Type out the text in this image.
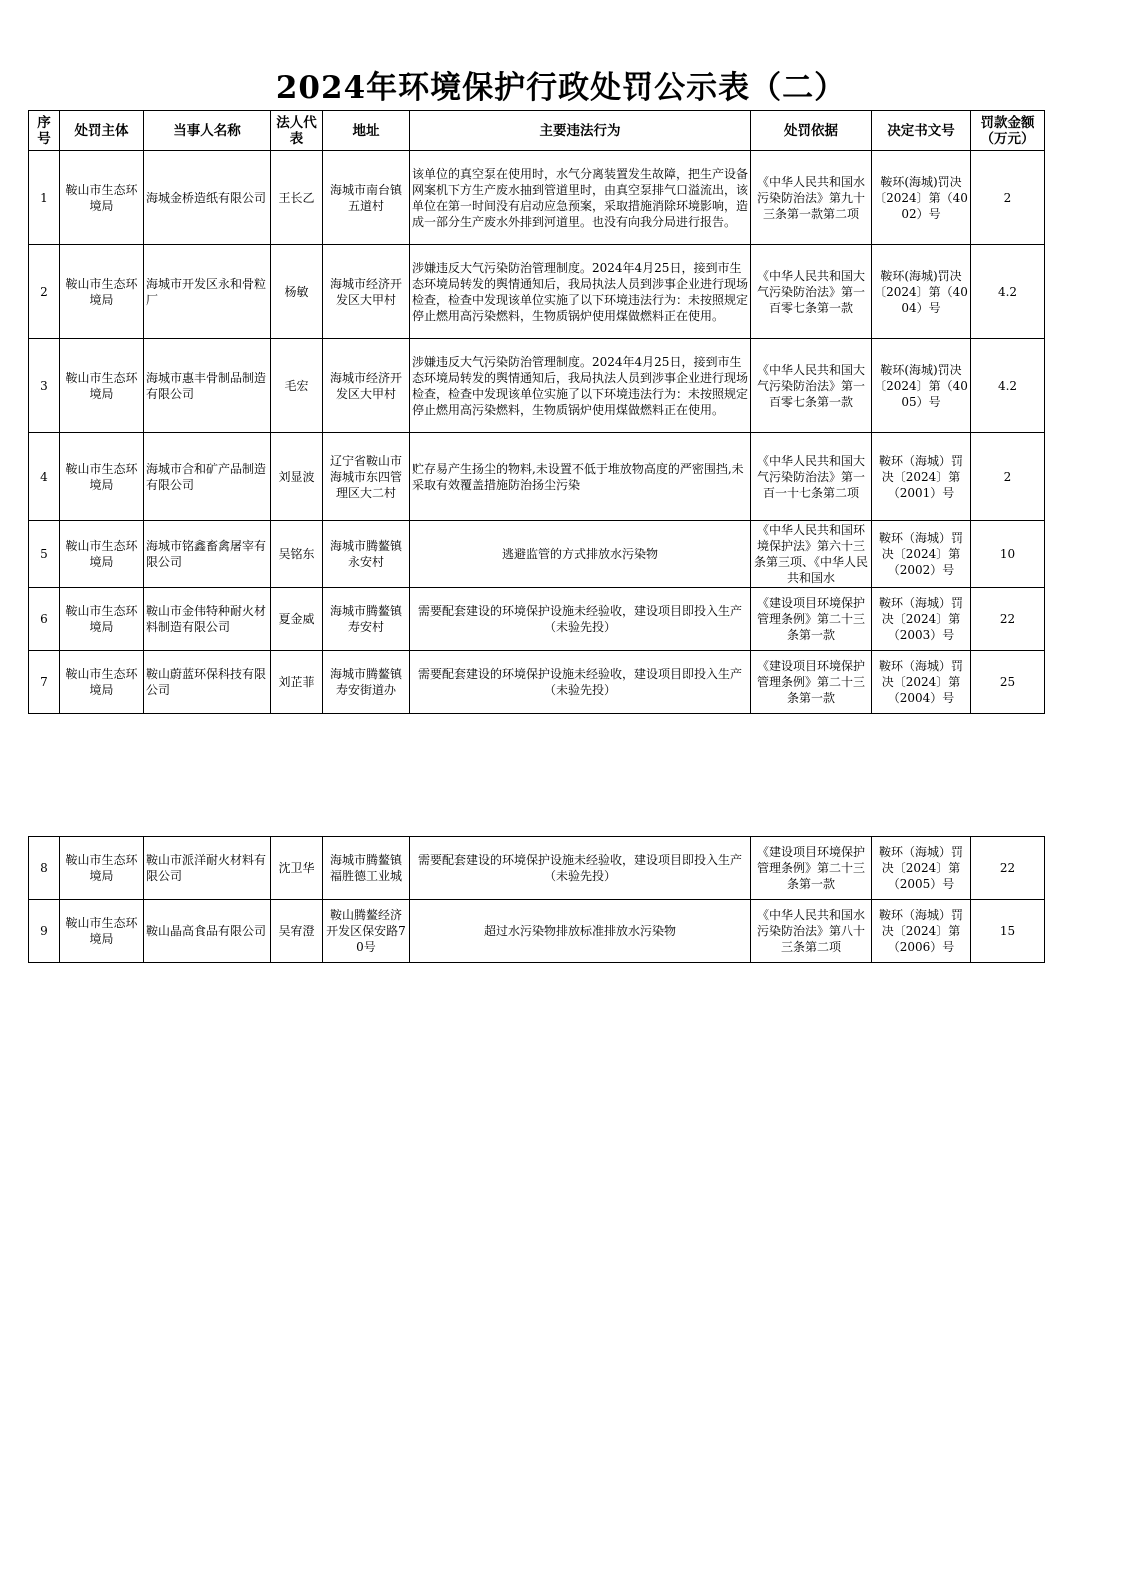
2024年环境保护行政处罚公示表（二）
序号	处罚主体	当事人名称	法人代表	地址	主要违法行为	处罚依据	决定书文号	罚款金额（万元）
1	鞍山市生态环境局	海城金桥造纸有限公司	王长乙	海城市南台镇五道村	该单位的真空泵在使用时，水气分离装置发生故障，把生产设备网案机下方生产废水抽到管道里时，由真空泵排气口溢流出，该单位在第一时间没有启动应急预案，采取措施消除环境影响，造成一部分生产废水外排到河道里。也没有向我分局进行报告。	《中华人民共和国水污染防治法》第九十三条第一款第二项	鞍环(海城)罚决〔2024〕第（4002）号	2
2	鞍山市生态环境局	海城市开发区永和骨粒厂	杨敏	海城市经济开发区大甲村	涉嫌违反大气污染防治管理制度。2024年4月25日，接到市生态环境局转发的舆情通知后，我局执法人员到涉事企业进行现场检查，检查中发现该单位实施了以下环境违法行为：未按照规定停止燃用高污染燃料，生物质锅炉使用煤做燃料正在使用。	《中华人民共和国大气污染防治法》第一百零七条第一款	鞍环(海城)罚决〔2024〕第（4004）号	4.2
3	鞍山市生态环境局	海城市惠丰骨制品制造有限公司	毛宏	海城市经济开发区大甲村	涉嫌违反大气污染防治管理制度。2024年4月25日，接到市生态环境局转发的舆情通知后，我局执法人员到涉事企业进行现场检查，检查中发现该单位实施了以下环境违法行为：未按照规定停止燃用高污染燃料，生物质锅炉使用煤做燃料正在使用。	《中华人民共和国大气污染防治法》第一百零七条第一款	鞍环(海城)罚决〔2024〕第（4005）号	4.2
4	鞍山市生态环境局	海城市合和矿产品制造有限公司	刘显波	辽宁省鞍山市海城市东四管理区大二村	贮存易产生扬尘的物料,未设置不低于堆放物高度的严密围挡,未采取有效覆盖措施防治扬尘污染	《中华人民共和国大气污染防治法》第一百一十七条第二项	鞍环（海城）罚决〔2024〕第（2001）号	2
5	鞍山市生态环境局	海城市铭鑫畜禽屠宰有限公司	吴铭东	海城市腾鳌镇永安村	逃避监管的方式排放水污染物	《中华人民共和国环境保护法》第六十三条第三项、《中华人民共和国水	鞍环（海城）罚决〔2024〕第（2002）号	10
6	鞍山市生态环境局	鞍山市金伟特种耐火材料制造有限公司	夏金威	海城市腾鳌镇寿安村	需要配套建设的环境保护设施未经验收，建设项目即投入生产（未验先投）	《建设项目环境保护管理条例》第二十三条第一款	鞍环（海城）罚决〔2024〕第（2003）号	22
7	鞍山市生态环境局	鞍山蔚蓝环保科技有限公司	刘芷菲	海城市腾鳌镇寿安街道办	需要配套建设的环境保护设施未经验收，建设项目即投入生产（未验先投）	《建设项目环境保护管理条例》第二十三条第一款	鞍环（海城）罚决〔2024〕第（2004）号	25
8	鞍山市生态环境局	鞍山市派洋耐火材料有限公司	沈卫华	海城市腾鳌镇福胜德工业城	需要配套建设的环境保护设施未经验收，建设项目即投入生产（未验先投）	《建设项目环境保护管理条例》第二十三条第一款	鞍环（海城）罚决〔2024〕第（2005）号	22
9	鞍山市生态环境局	鞍山晶高食品有限公司	吴宥澄	鞍山腾鳌经济开发区保安路70号	超过水污染物排放标准排放水污染物	《中华人民共和国水污染防治法》第八十三条第二项	鞍环（海城）罚决〔2024〕第（2006）号	15
